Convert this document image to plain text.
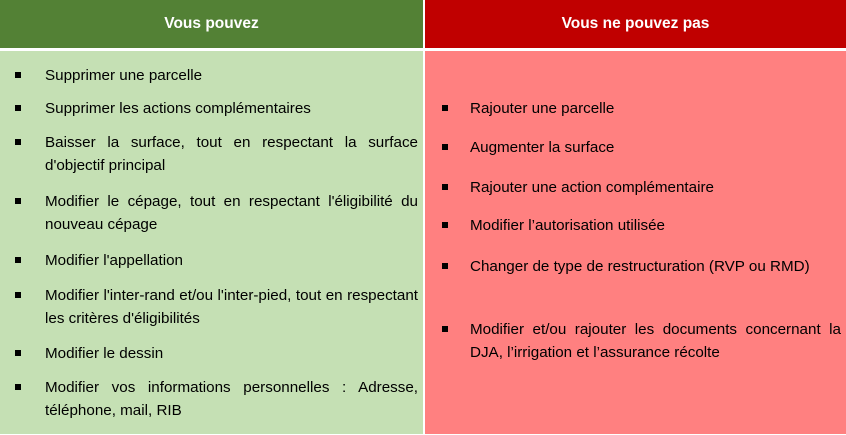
Vous pouvez
Supprimer une parcelle
Supprimer les actions complémentaires
Baisser la surface, tout en respectant la surface d'objectif principal
Modifier le cépage, tout en respectant l'éligibilité du nouveau cépage
Modifier l'appellation
Modifier l'inter-rand et/ou l'inter-pied, tout en respectant les critères d'éligibilités
Modifier le dessin
Modifier vos informations personnelles : Adresse, téléphone, mail, RIB
Vous ne pouvez pas
Rajouter une parcelle
Augmenter la surface
Rajouter une action complémentaire
Modifier l’autorisation utilisée
Changer de type de restructuration (RVP ou RMD)
Modifier et/ou rajouter les documents concernant la DJA, l’irrigation et l’assurance récolte
